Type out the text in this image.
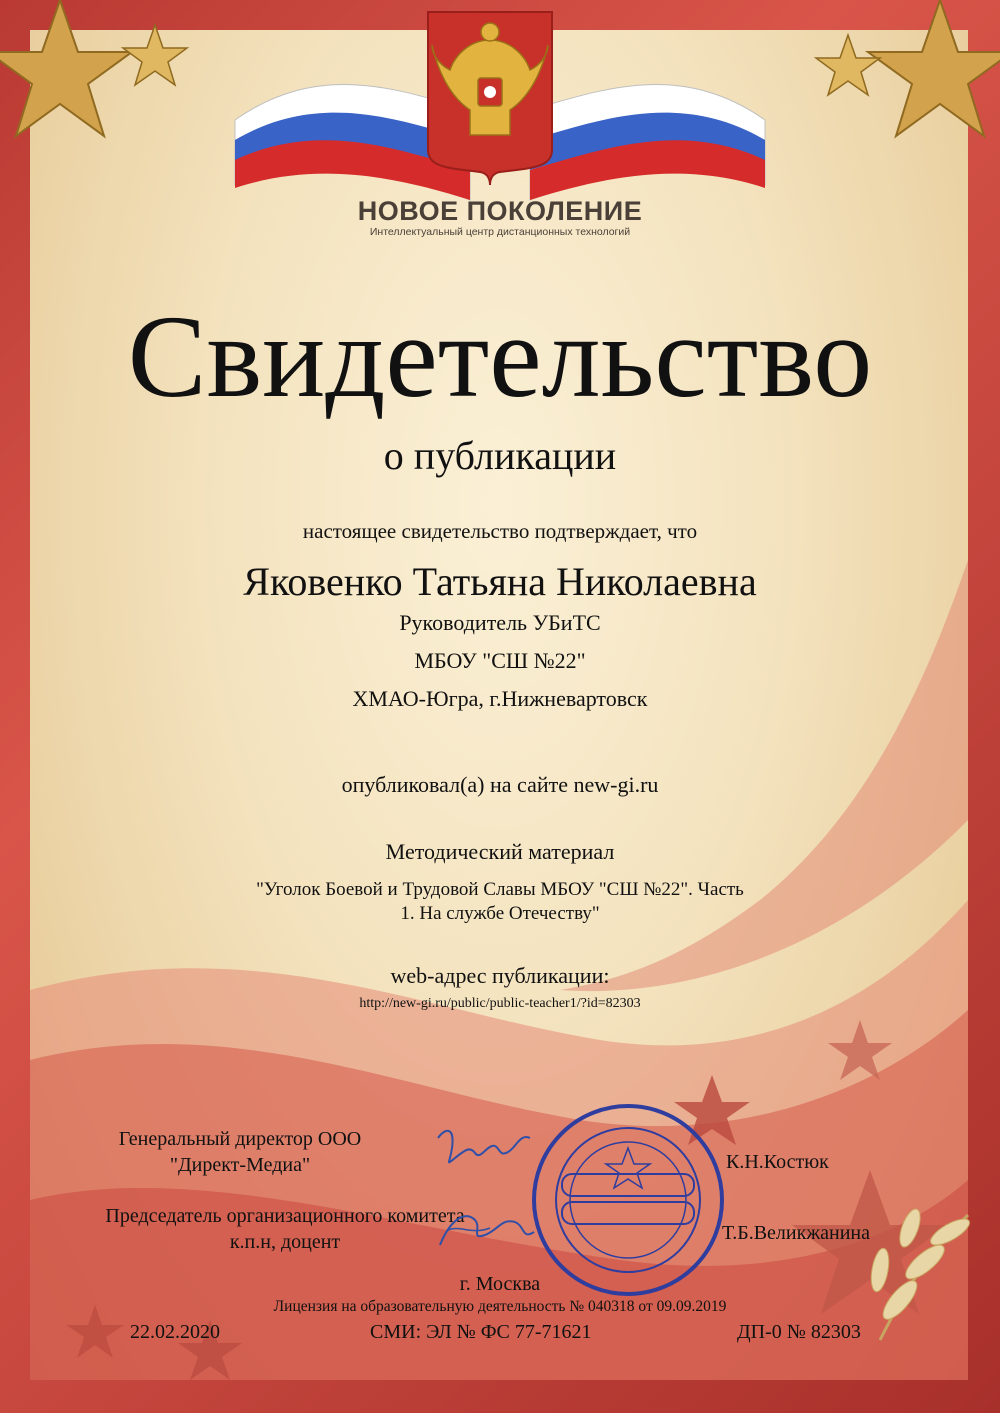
НОВОЕ ПОКОЛЕНИЕ
Интеллектуальный центр дистанционных технологий
Свидетельство
о публикации
настоящее свидетельство подтверждает, что
Яковенко Татьяна Николаевна
Руководитель УБиТС
МБОУ "СШ №22"
ХМАО-Югра, г.Нижневартовск
опубликовал(а) на сайте new-gi.ru
Методический материал
"Уголок Боевой и Трудовой Славы МБОУ "СШ №22". Часть 1. На службе Отечеству"
web-адрес публикации:
http://new-gi.ru/public/public-teacher1/?id=82303
Генеральный директор ООО "Директ-Медиа"
Председатель организационного комитета к.п.н, доцент
К.Н.Костюк
Т.Б.Великжанина
г. Москва
Лицензия на образовательную деятельность № 040318 от 09.09.2019
22.02.2020	СМИ: ЭЛ № ФС 77-71621	ДП-0 № 82303
